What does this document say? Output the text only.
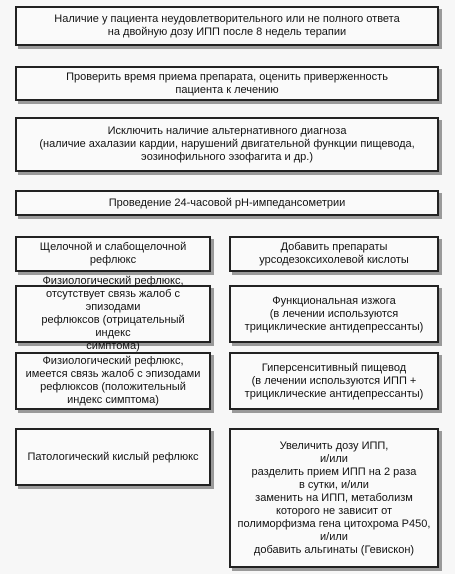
Наличие у пациента неудовлетворительного или не полного ответа
на двойную дозу ИПП после 8 недель терапии
Проверить время приема препарата, оценить приверженность
пациента к лечению
Исключить наличие альтернативного диагноза
(наличие ахалазии кардии, нарушений двигательной функции пищевода,
эозинофильного эзофагита и др.)
Проведение 24-часовой рН-импедансометрии
Щелочной и слабощелочной
рефлюкс
Добавить препараты
урсодезоксихолевой кислоты
Физиологический рефлюкс,
отсутствует связь жалоб с эпизодами
рефлюксов (отрицательный индекс
симптома)
Функциональная изжога
(в лечении используются
трициклические антидепрессанты)
Физиологический рефлюкс,
имеется связь жалоб с эпизодами
рефлюксов (положительный
индекс симптома)
Гиперсенситивный пищевод
(в лечении используются ИПП +
трициклические антидепрессанты)
Патологический кислый рефлюкс
Увеличить дозу ИПП,
и/или
разделить прием ИПП на 2 раза
в сутки, и/или
заменить на ИПП, метаболизм
которого не зависит от
полиморфизма гена цитохрома Р450,
и/или
добавить альгинаты (Гевискон)
